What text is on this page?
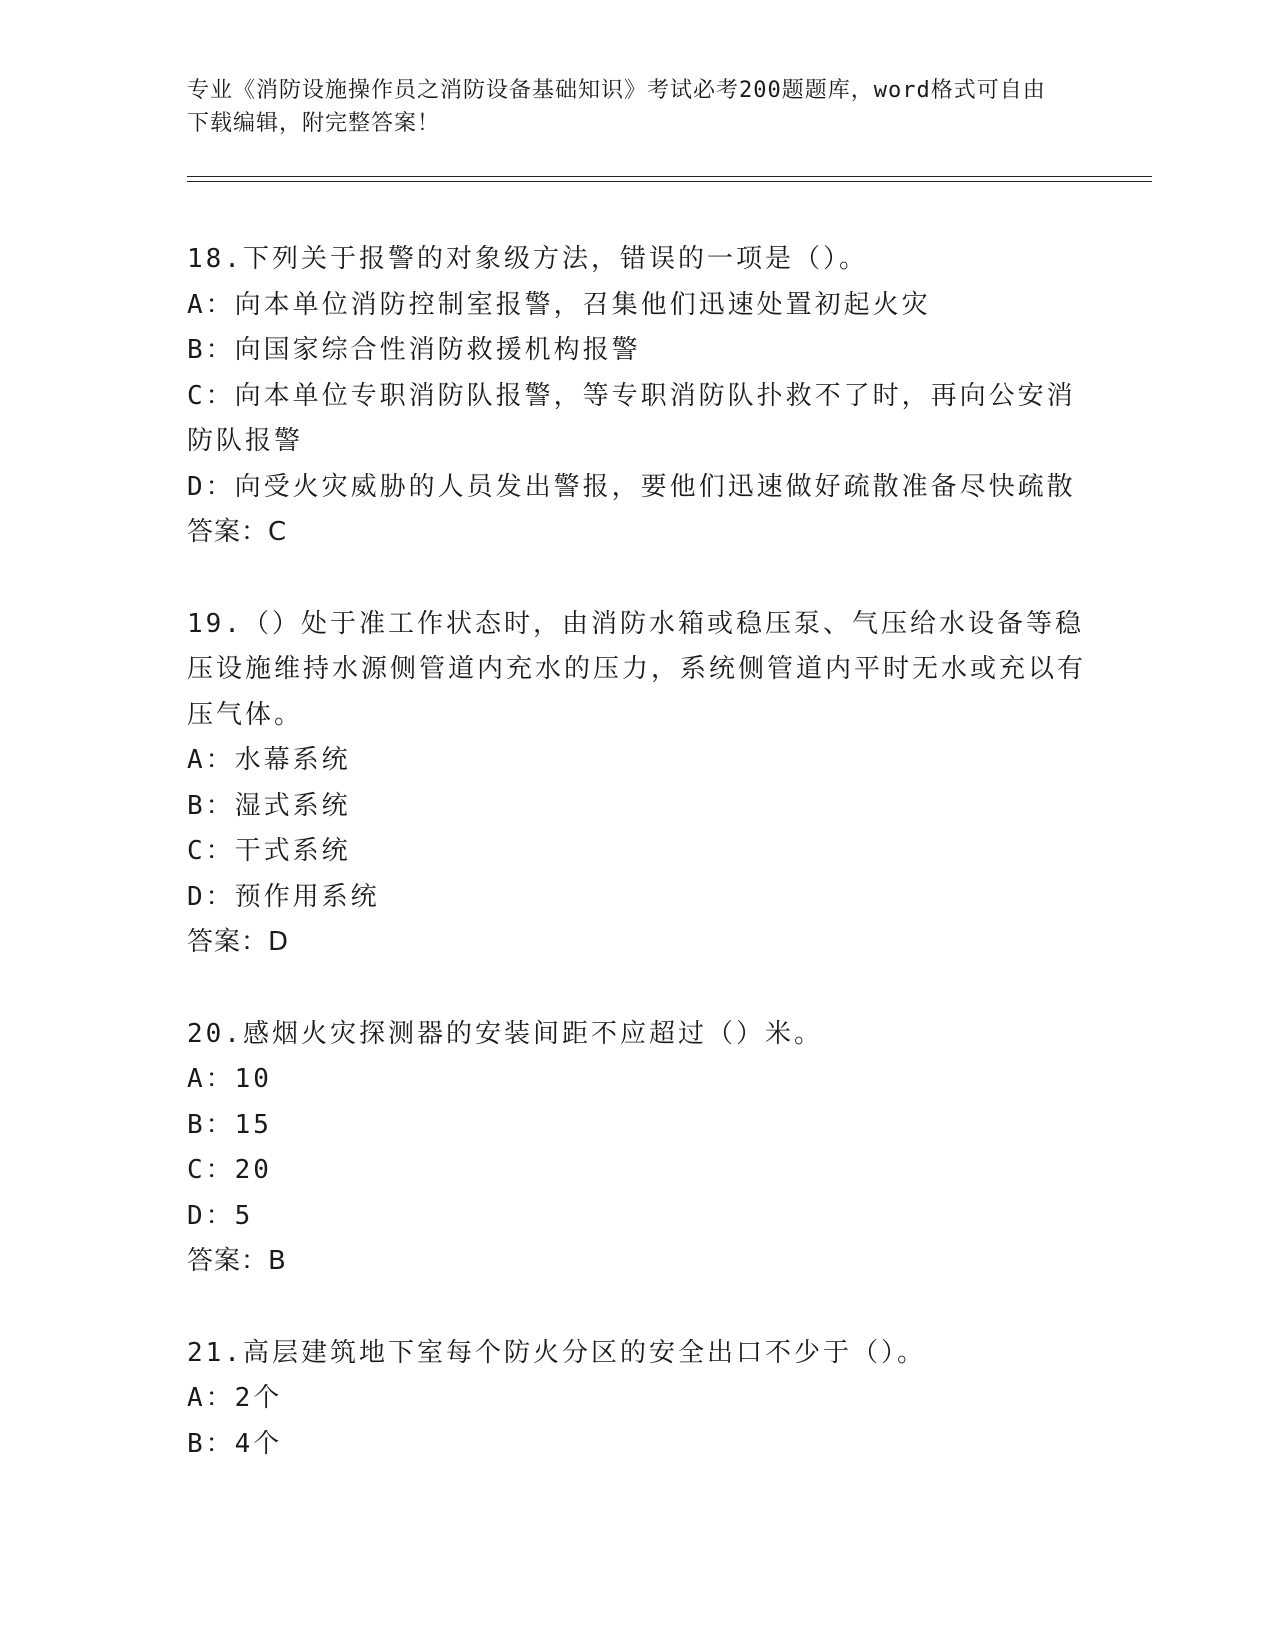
专业《消防设施操作员之消防设备基础知识》考试必考200题题库，word格式可自由下载编辑，附完整答案！
18.下列关于报警的对象级方法，错误的一项是（）。
A：向本单位消防控制室报警，召集他们迅速处置初起火灾
B：向国家综合性消防救援机构报警
C：向本单位专职消防队报警，等专职消防队扑救不了时，再向公安消防队报警
D：向受火灾威胁的人员发出警报，要他们迅速做好疏散准备尽快疏散
答案：C
19.（）处于准工作状态时，由消防水箱或稳压泵、气压给水设备等稳压设施维持水源侧管道内充水的压力，系统侧管道内平时无水或充以有压气体。
A：水幕系统
B：湿式系统
C：干式系统
D：预作用系统
答案：D
20.感烟火灾探测器的安装间距不应超过（）米。
A：10
B：15
C：20
D：5
答案：B
21.高层建筑地下室每个防火分区的安全出口不少于（）。
A：2个
B：4个
